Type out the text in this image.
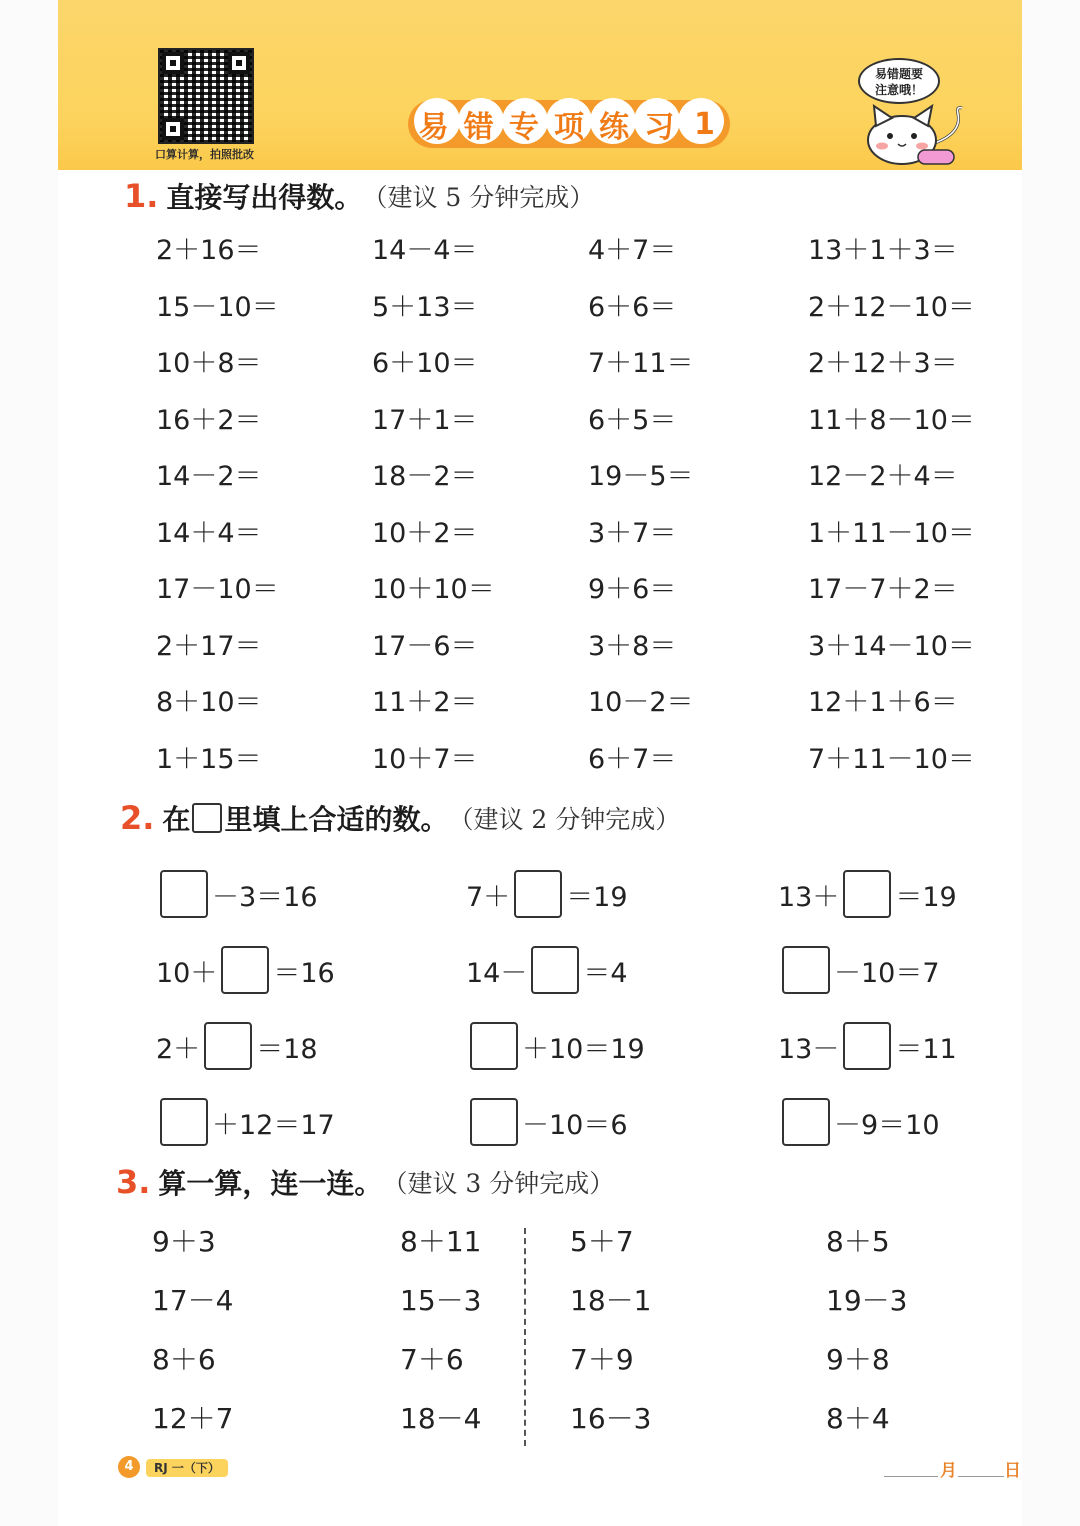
口算计算，拍照批改
易 错 专 项 练 习 1
易错题要
注意哦！
1. 直接写出得数。 （建议 5 分钟完成）
2＋16＝	14－4＝	4＋7＝	13＋1＋3＝
15－10＝	5＋13＝	6＋6＝	2＋12－10＝
10＋8＝	6＋10＝	7＋11＝	2＋12＋3＝
16＋2＝	17＋1＝	6＋5＝	11＋8－10＝
14－2＝	18－2＝	19－5＝	12－2＋4＝
14＋4＝	10＋2＝	3＋7＝	1＋11－10＝
17－10＝	10＋10＝	9＋6＝	17－7＋2＝
2＋17＝	17－6＝	3＋8＝	3＋14－10＝
8＋10＝	11＋2＝	10－2＝	12＋1＋6＝
1＋15＝	10＋7＝	6＋7＝	7＋11－10＝
2. 在 里填上合适的数。 （建议 2 分钟完成）
－3＝16	7＋ ＝19	13＋ ＝19
10＋ ＝16	14－ ＝4	－10＝7
2＋ ＝18	＋10＝19	13－ ＝11
＋12＝17	－10＝6	－9＝10
3. 算一算，连一连。 （建议 3 分钟完成）
9＋3	8＋11	5＋7	8＋5
17－4	15－3	18－1	19－3
8＋6	7＋6	7＋9	9＋8
12＋7	18－4	16－3	8＋4
4	RJ 一（下）	月	日
